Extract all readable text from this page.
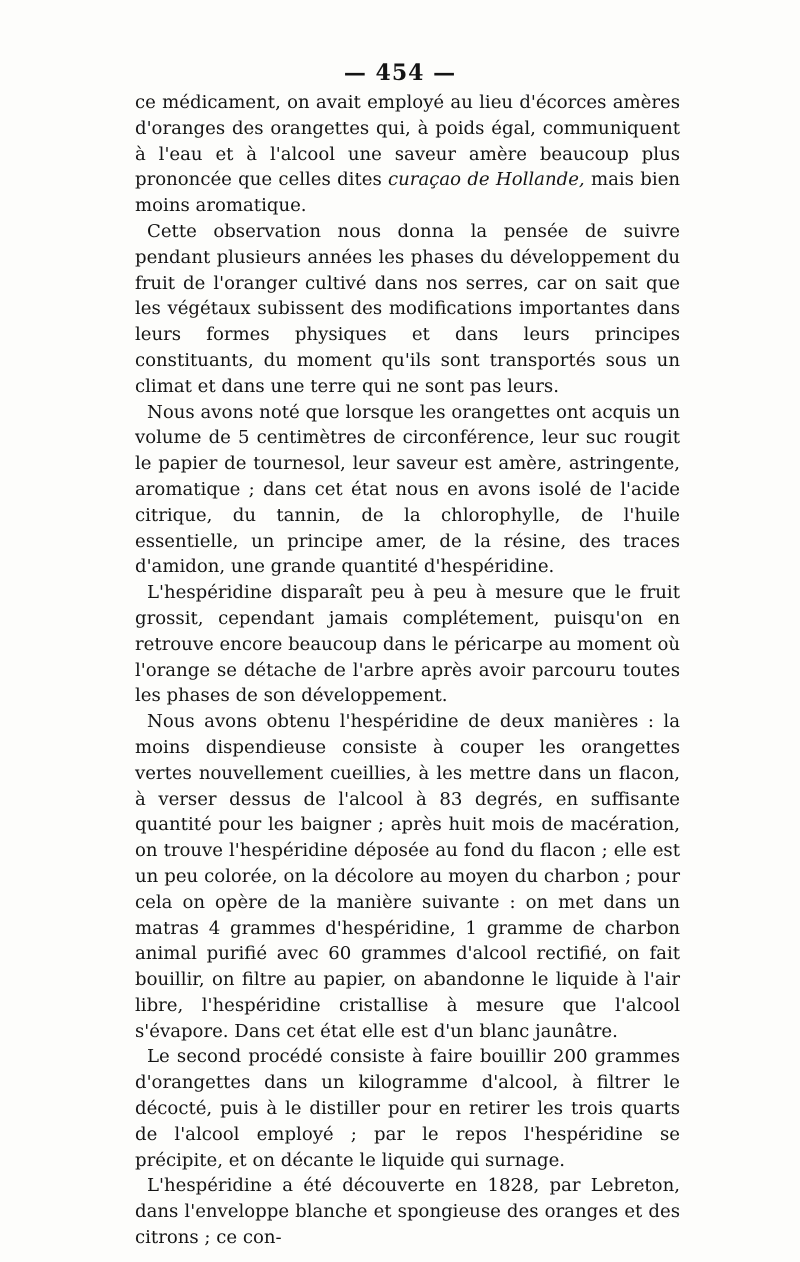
— 454 —

ce médicament, on avait employé au lieu d'écorces amères d'oranges des orangettes qui, à poids égal, communiquent à l'eau et à l'alcool une saveur amère beaucoup plus prononcée que celles dites curaçao de Hollande, mais bien moins aromatique.

Cette observation nous donna la pensée de suivre pendant plusieurs années les phases du développement du fruit de l'oranger cultivé dans nos serres, car on sait que les végétaux subissent des modifications importantes dans leurs formes physiques et dans leurs principes constituants, du moment qu'ils sont transportés sous un climat et dans une terre qui ne sont pas leurs.

Nous avons noté que lorsque les orangettes ont acquis un volume de 5 centimètres de circonférence, leur suc rougit le papier de tournesol, leur saveur est amère, astringente, aromatique ; dans cet état nous en avons isolé de l'acide citrique, du tannin, de la chlorophylle, de l'huile essentielle, un principe amer, de la résine, des traces d'amidon, une grande quantité d'hespéridine.

L'hespéridine disparaît peu à peu à mesure que le fruit grossit, cependant jamais complétement, puisqu'on en retrouve encore beaucoup dans le péricarpe au moment où l'orange se détache de l'arbre après avoir parcouru toutes les phases de son développement.

Nous avons obtenu l'hespéridine de deux manières : la moins dispendieuse consiste à couper les orangettes vertes nouvellement cueillies, à les mettre dans un flacon, à verser dessus de l'alcool à 83 degrés, en suffisante quantité pour les baigner ; après huit mois de macération, on trouve l'hespéridine déposée au fond du flacon ; elle est un peu colorée, on la décolore au moyen du charbon ; pour cela on opère de la manière suivante : on met dans un matras 4 grammes d'hespéridine, 1 gramme de charbon animal purifié avec 60 grammes d'alcool rectifié, on fait bouillir, on filtre au papier, on abandonne le liquide à l'air libre, l'hespéridine cristallise à mesure que l'alcool s'évapore. Dans cet état elle est d'un blanc jaunâtre.

Le second procédé consiste à faire bouillir 200 grammes d'orangettes dans un kilogramme d'alcool, à filtrer le décocté, puis à le distiller pour en retirer les trois quarts de l'alcool employé ; par le repos l'hespéridine se précipite, et on décante le liquide qui surnage.

L'hespéridine a été découverte en 1828, par Lebreton, dans l'enveloppe blanche et spongieuse des oranges et des citrons ; ce con-
